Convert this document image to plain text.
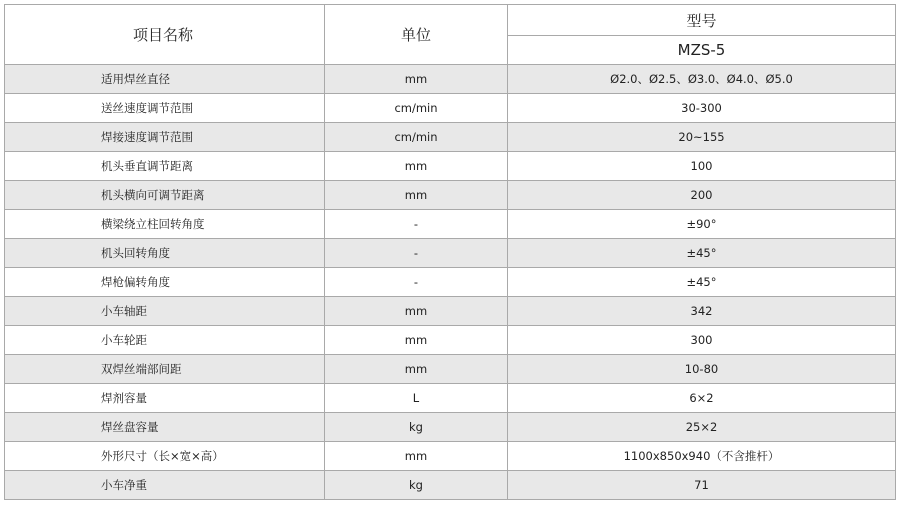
项目名称	单位	型号
		MZS-5
适用焊丝直径	mm	Ø2.0、Ø2.5、Ø3.0、Ø4.0、Ø5.0
送丝速度调节范围	cm/min	30-300
焊接速度调节范围	cm/min	20~155
机头垂直调节距离	mm	100
机头横向可调节距离	mm	200
横梁绕立柱回转角度	-	±90°
机头回转角度	-	±45°
焊枪偏转角度	-	±45°
小车轴距	mm	342
小车轮距	mm	300
双焊丝端部间距	mm	10-80
焊剂容量	L	6×2
焊丝盘容量	kg	25×2
外形尺寸（长×宽×高）	mm	1100x850x940（不含推杆）
小车净重	kg	71
